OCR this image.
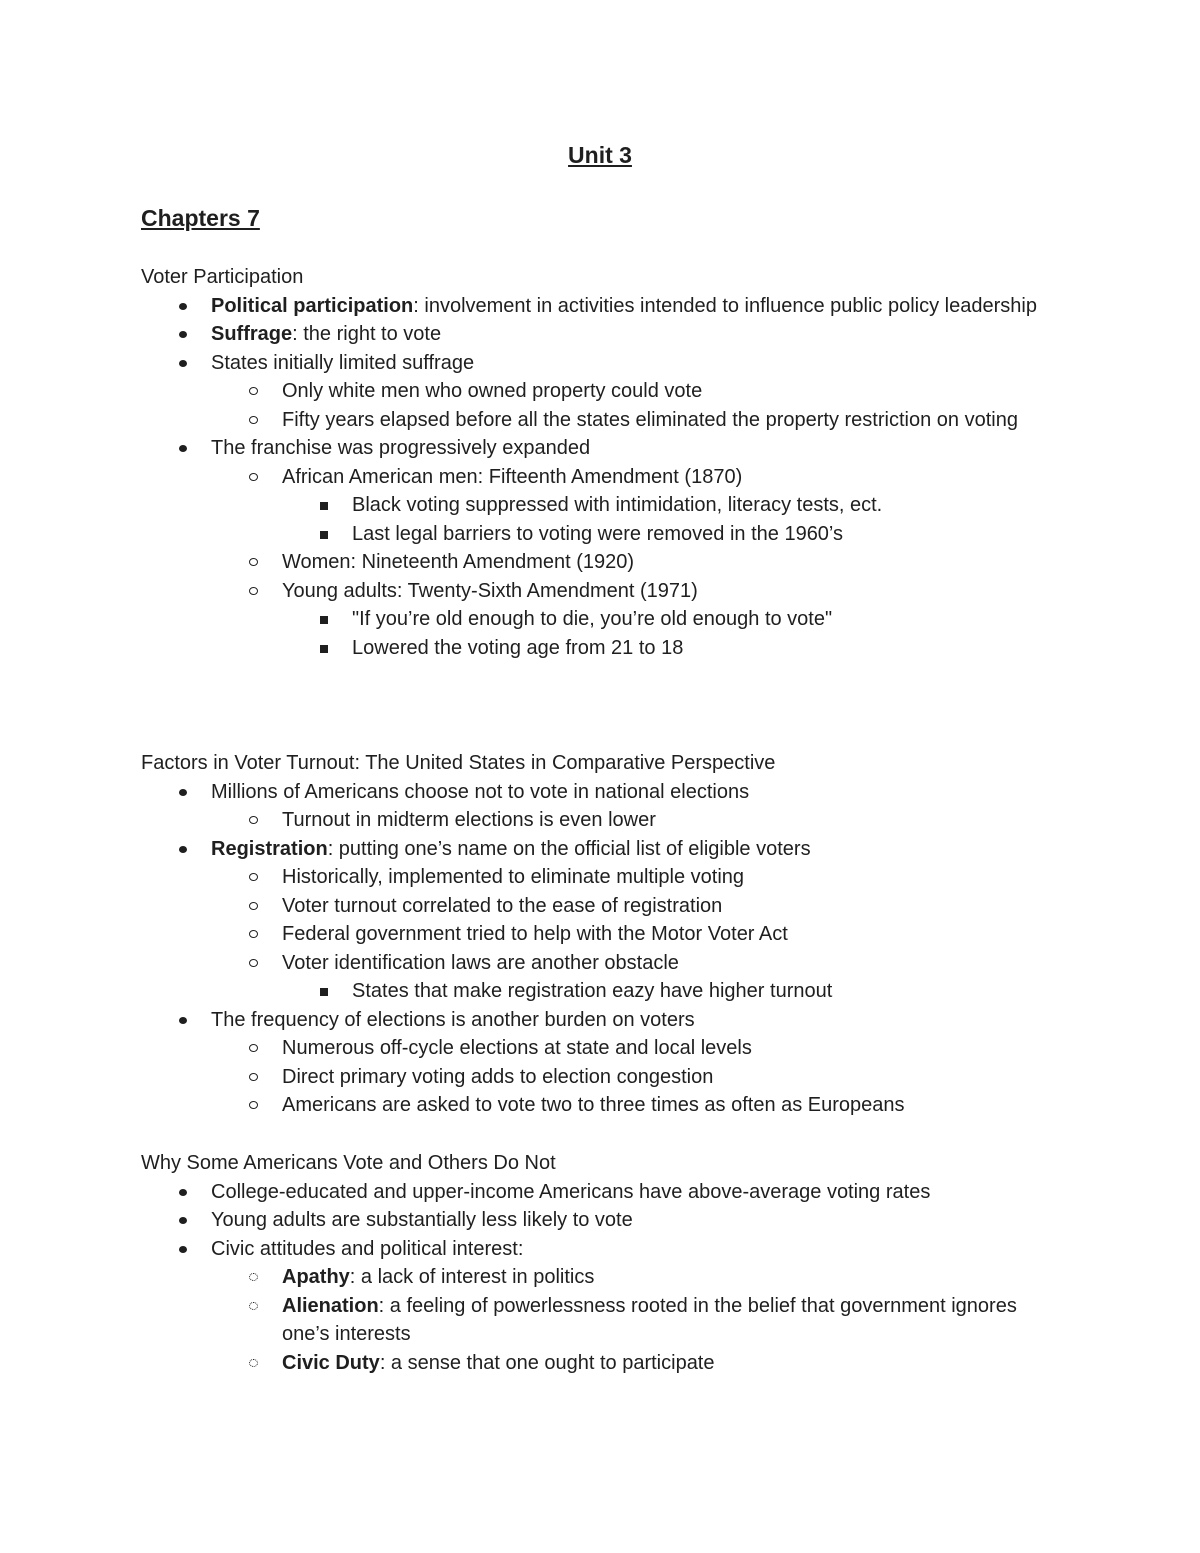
Unit 3
Chapters 7

Voter Participation

Political participation: involvement in activities intended to influence public policy leadership
Suffrage: the right to vote
States initially limited suffrage
Only white men who owned property could vote
Fifty years elapsed before all the states eliminated the property restriction on voting
The franchise was progressively expanded
African American men: Fifteenth Amendment (1870)
Black voting suppressed with intimidation, literacy tests, ect.
Last legal barriers to voting were removed in the 1960’s
Women: Nineteenth Amendment (1920)
Young adults: Twenty-Sixth Amendment (1971)
"If you’re old enough to die, you’re old enough to vote"
Lowered the voting age from 21 to 18

Factors in Voter Turnout: The United States in Comparative Perspective

Millions of Americans choose not to vote in national elections
Turnout in midterm elections is even lower
Registration: putting one’s name on the official list of eligible voters
Historically, implemented to eliminate multiple voting
Voter turnout correlated to the ease of registration
Federal government tried to help with the Motor Voter Act
Voter identification laws are another obstacle
States that make registration eazy have higher turnout
The frequency of elections is another burden on voters
Numerous off-cycle elections at state and local levels
Direct primary voting adds to election congestion
Americans are asked to vote two to three times as often as Europeans

Why Some Americans Vote and Others Do Not

College-educated and upper-income Americans have above-average voting rates
Young adults are substantially less likely to vote
Civic attitudes and political interest:
Apathy: a lack of interest in politics
Alienation: a feeling of powerlessness rooted in the belief that government ignores one’s interests
Civic Duty: a sense that one ought to participate
